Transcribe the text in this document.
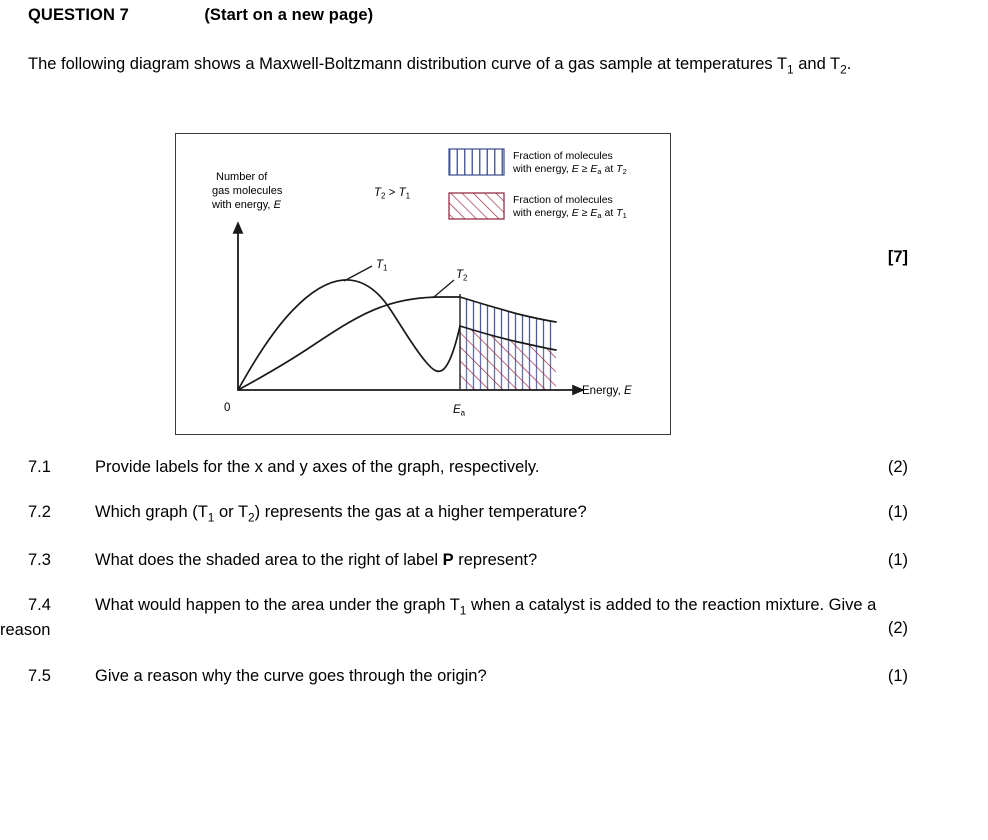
QUESTION 7	(Start on a new page)
The following diagram shows a Maxwell-Boltzmann distribution curve of a gas sample at temperatures $T_1$ and $T_2$.
Number of
gas molecules
with energy, E
Energy, E
0	$E_a$
$T_2 > T_1$
$T_1$
$T_2$
Fraction of molecules
with energy, $E \ge E_a$ at $T_2$
Fraction of molecules
with energy, $E \ge E_a$ at $T_1$
7.1	Provide labels for the x and y axes of the graph, respectively.	(2)
7.2	Which graph ($T_1$ or $T_2$) represents the gas at a higher temperature?	(1)
7.3	What does the shaded area to the right of label P represent?	(1)
7.4	What would happen to the area under the graph $T_1$ when a catalyst is added to the reaction mixture. Give a reason	(2)
7.5	Give a reason why the curve goes through the origin?	(1)
[7]
